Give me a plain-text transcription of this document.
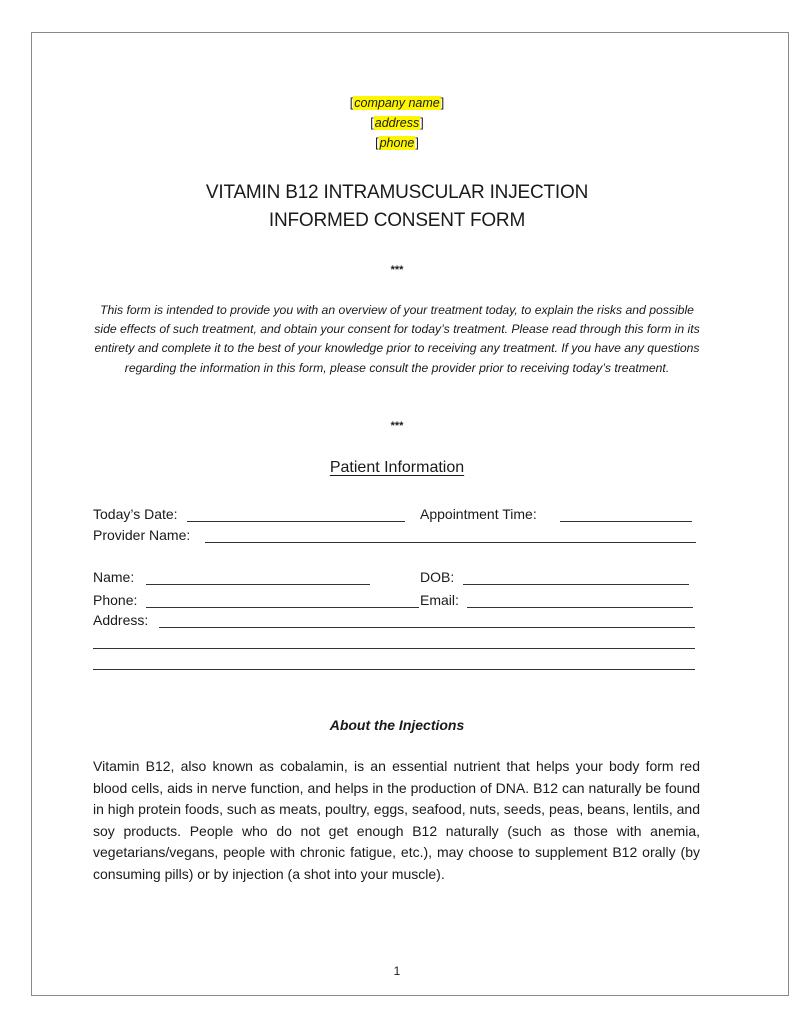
[company name]
[address]
[phone]
VITAMIN B12 INTRAMUSCULAR INJECTION
INFORMED CONSENT FORM
***
This form is intended to provide you with an overview of your treatment today, to explain the risks and possible side effects of such treatment, and obtain your consent for today’s treatment. Please read through this form in its entirety and complete it to the best of your knowledge prior to receiving any treatment. If you have any questions regarding the information in this form, please consult the provider prior to receiving today’s treatment.
***
Patient Information
Today’s Date:	Appointment Time:
Provider Name:
Name:	DOB:
Phone:	Email:
Address:
About the Injections
Vitamin B12, also known as cobalamin, is an essential nutrient that helps your body form red blood cells, aids in nerve function, and helps in the production of DNA. B12 can naturally be found in high protein foods, such as meats, poultry, eggs, seafood, nuts, seeds, peas, beans, lentils, and soy products. People who do not get enough B12 naturally (such as those with anemia, vegetarians/vegans, people with chronic fatigue, etc.), may choose to supplement B12 orally (by consuming pills) or by injection (a shot into your muscle).
1
